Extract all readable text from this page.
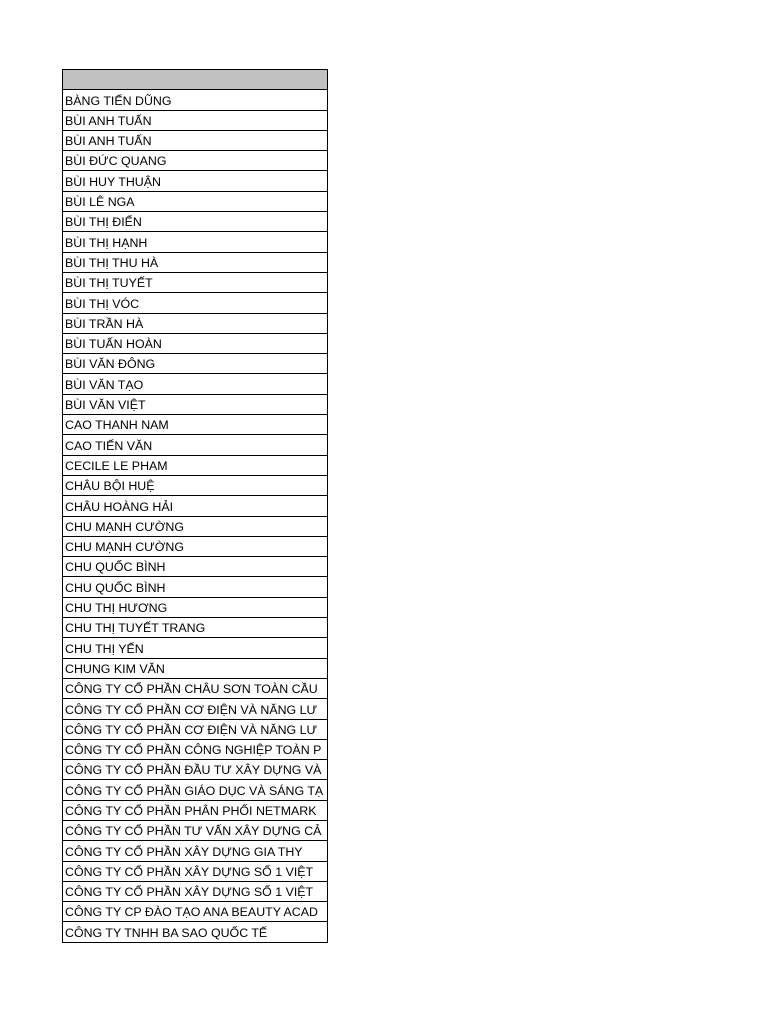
BÀNG TIẾN DŨNG
BÙI ANH TUẤN
BÙI ANH TUẤN
BÙI ĐỨC QUANG
BÙI HUY THUẬN
BÙI LÊ NGA
BÙI THỊ ĐIỂN
BÙI THỊ HẠNH
BÙI THỊ THU HÀ
BÙI THỊ TUYẾT
BÙI THỊ VÓC
BÙI TRẦN HÀ
BÙI TUẤN HOÀN
BÙI VĂN ĐÔNG
BÙI VĂN TẠO
BÙI VĂN VIỆT
CAO THANH NAM
CAO TIẾN VĂN
CECILE LE PHAM
CHÂU BỘI HUỆ
CHÂU HOÀNG HẢI
CHU MẠNH CƯỜNG
CHU MẠNH CƯỜNG
CHU QUỐC BÌNH
CHU QUỐC BÌNH
CHU THỊ HƯƠNG
CHU THỊ TUYẾT TRANG
CHU THỊ YẾN
CHUNG KIM VĂN
CÔNG TY CỔ PHẦN CHÂU SƠN TOÀN CẦU
CÔNG TY CỔ PHẦN CƠ ĐIỆN VÀ NĂNG LƯ
CÔNG TY CỔ PHẦN CƠ ĐIỆN VÀ NĂNG LƯ
CÔNG TY CỔ PHẦN CÔNG NGHIỆP TOÀN P
CÔNG TY CỔ PHẦN ĐẦU TƯ XÂY DỰNG VÀ
CÔNG TY CỔ PHẦN GIÁO DỤC VÀ SÁNG TẠ
CÔNG TY CỔ PHẦN PHÂN PHỐI NETMARK
CÔNG TY CỔ PHẦN TƯ VẤN XÂY DỰNG CẢ
CÔNG TY CỔ PHẦN XÂY DỰNG GIA THY
CÔNG TY CỔ PHẦN XÂY DỰNG SỐ 1 VIỆT
CÔNG TY CỔ PHẦN XÂY DỰNG SỐ 1 VIỆT
CÔNG TY CP ĐÀO TẠO ANA BEAUTY ACAD
CÔNG TY TNHH BA SAO QUỐC TẾ
